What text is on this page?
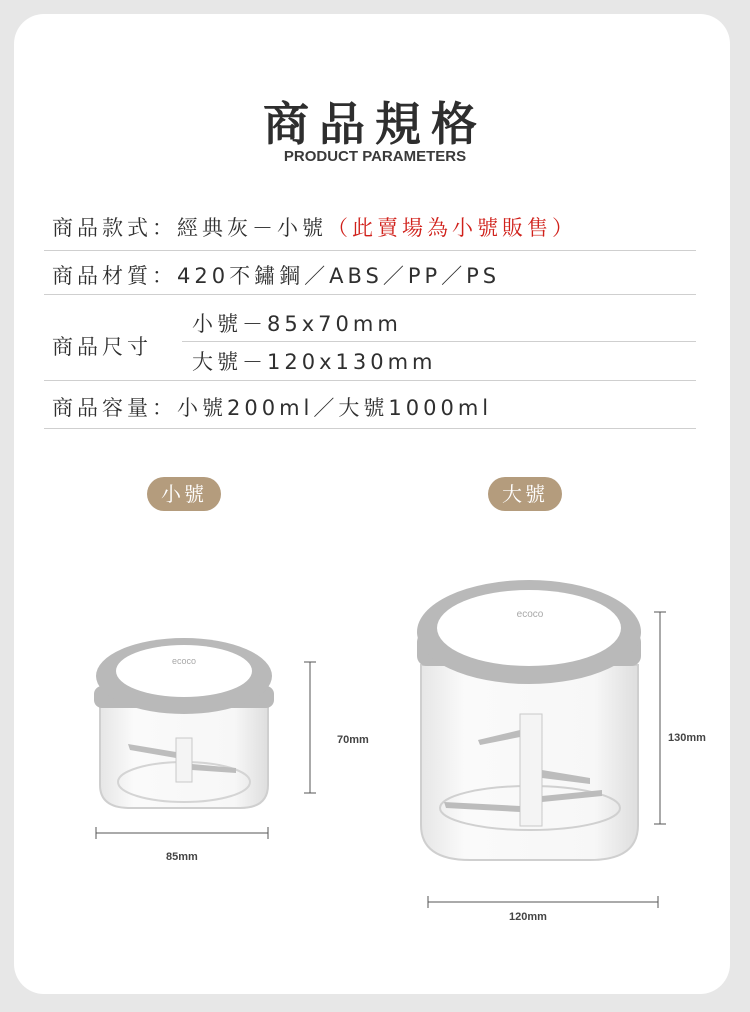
商品規格
PRODUCT PARAMETERS
商品款式：經典灰－小號（此賣場為小號販售）
商品材質：420不鏽鋼／ABS／PP／PS
商品尺寸
小號－85x70mm
大號－120x130mm
商品容量：小號200ml／大號1000ml
小號	大號
ecoco
ecoco
70mm
85mm
130mm
120mm
